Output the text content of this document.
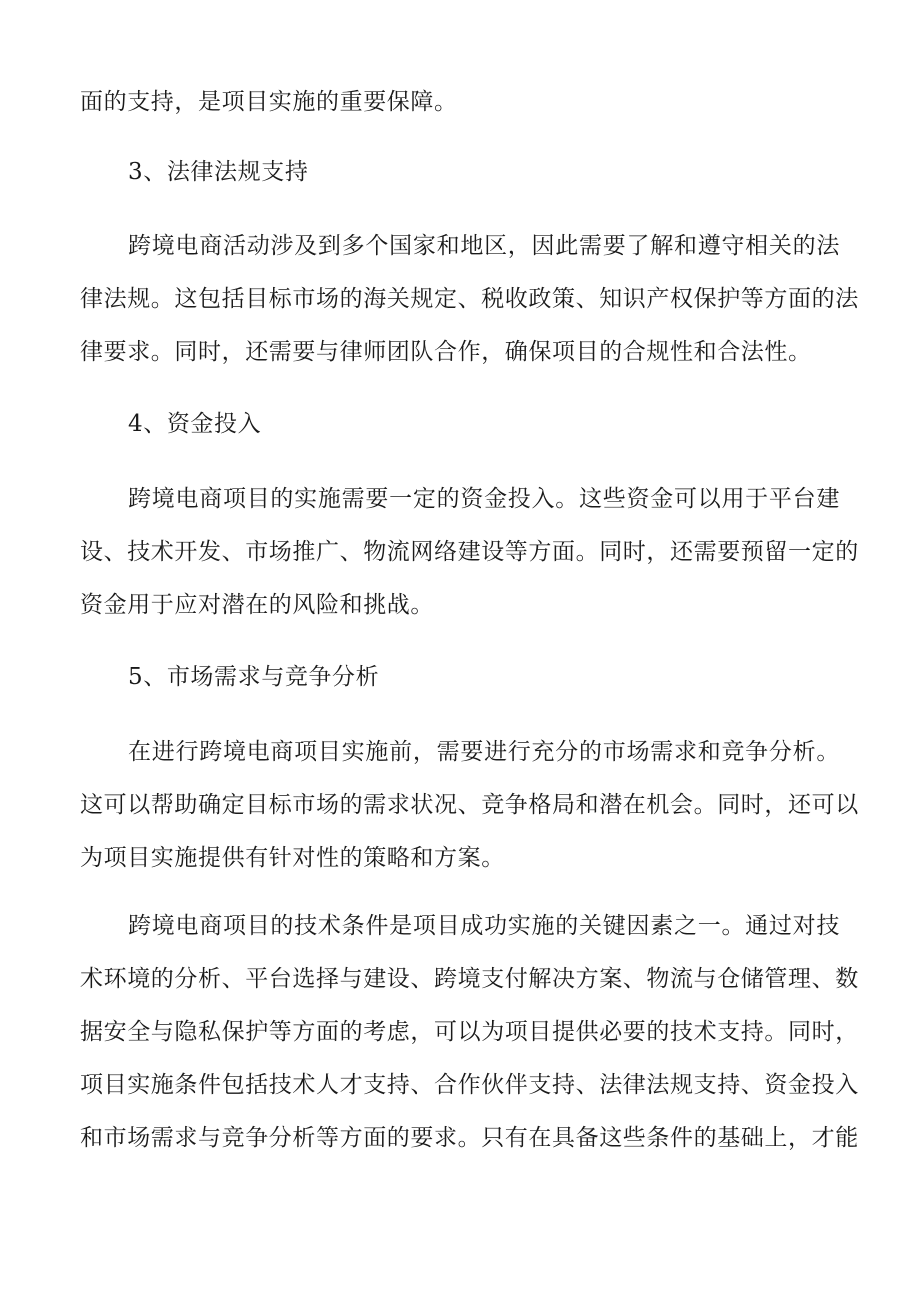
面的支持，是项目实施的重要保障。
3、法律法规支持
跨境电商活动涉及到多个国家和地区，因此需要了解和遵守相关的法
律法规。这包括目标市场的海关规定、税收政策、知识产权保护等方面的法
律要求。同时，还需要与律师团队合作，确保项目的合规性和合法性。
4、资金投入
跨境电商项目的实施需要一定的资金投入。这些资金可以用于平台建
设、技术开发、市场推广、物流网络建设等方面。同时，还需要预留一定的
资金用于应对潜在的风险和挑战。
5、市场需求与竞争分析
在进行跨境电商项目实施前，需要进行充分的市场需求和竞争分析。
这可以帮助确定目标市场的需求状况、竞争格局和潜在机会。同时，还可以
为项目实施提供有针对性的策略和方案。
跨境电商项目的技术条件是项目成功实施的关键因素之一。通过对技
术环境的分析、平台选择与建设、跨境支付解决方案、物流与仓储管理、数
据安全与隐私保护等方面的考虑，可以为项目提供必要的技术支持。同时，
项目实施条件包括技术人才支持、合作伙伴支持、法律法规支持、资金投入
和市场需求与竞争分析等方面的要求。只有在具备这些条件的基础上，才能
